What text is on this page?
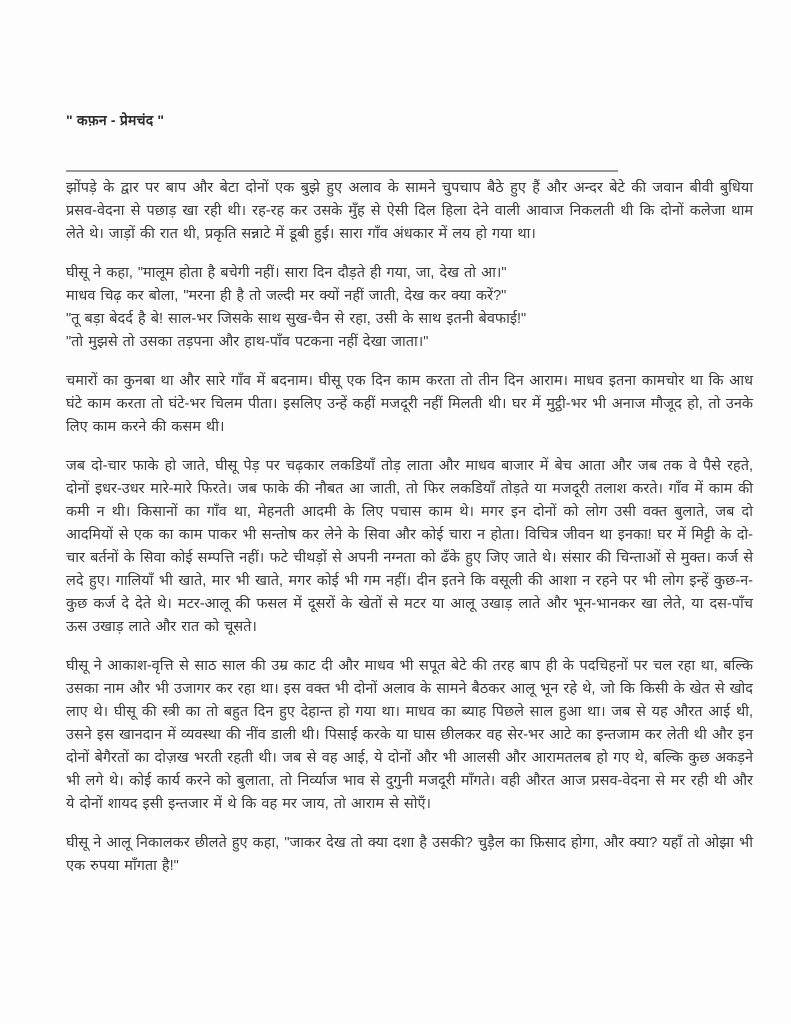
" कफ़न - प्रेमचंद "

झोंपड़े के द्वार पर बाप और बेटा दोनों एक बुझे हुए अलाव के सामने चुपचाप बैठे हुए हैं और अन्दर बेटे की जवान बीवी बुधिया प्रसव-वेदना से पछाड़ खा रही थी। रह-रह कर उसके मुँह से ऐसी दिल हिला देने वाली आवाज निकलती थी कि दोनों कलेजा थाम लेते थे। जाड़ों की रात थी, प्रकृति सन्नाटे में डूबी हुई। सारा गाँव अंधकार में लय हो गया था।

घीसू ने कहा, "मालूम होता है बचेगी नहीं। सारा दिन दौड़ते ही गया, जा, देख तो आ।"
माधव चिढ़ कर बोला, "मरना ही है तो जल्दी मर क्यों नहीं जाती, देख कर क्या करें?"
"तू बड़ा बेदर्द है बे! साल-भर जिसके साथ सुख-चैन से रहा, उसी के साथ इतनी बेवफाई!"
"तो मुझसे तो उसका तड़पना और हाथ-पाँव पटकना नहीं देखा जाता।"

चमारों का कुनबा था और सारे गाँव में बदनाम। घीसू एक दिन काम करता तो तीन दिन आराम। माधव इतना कामचोर था कि आध घंटे काम करता तो घंटे-भर चिलम पीता। इसलिए उन्हें कहीं मजदूरी नहीं मिलती थी। घर में मुट्ठी-भर भी अनाज मौजूद हो, तो उनके लिए काम करने की कसम थी।

जब दो-चार फाके हो जाते, घीसू पेड़ पर चढ़कार लकडियाँ तोड़ लाता और माधव बाजार में बेच आता और जब तक वे पैसे रहते, दोनों इधर-उधर मारे-मारे फिरते। जब फाके की नौबत आ जाती, तो फिर लकडियाँ तोड़ते या मजदूरी तलाश करते। गाँव में काम की कमी न थी। किसानों का गाँव था, मेहनती आदमी के लिए पचास काम थे। मगर इन दोनों को लोग उसी वक्त बुलाते, जब दो आदमियों से एक का काम पाकर भी सन्तोष कर लेने के सिवा और कोई चारा न होता। विचित्र जीवन था इनका! घर में मिट्टी के दो-चार बर्तनों के सिवा कोई सम्पत्ति नहीं। फटे चीथड़ों से अपनी नग्नता को ढँके हुए जिए जाते थे। संसार की चिन्ताओं से मुक्त। कर्ज से लदे हुए। गालियाँ भी खाते, मार भी खाते, मगर कोई भी गम नहीं। दीन इतने कि वसूली की आशा न रहने पर भी लोग इन्हें कुछ-न-कुछ कर्ज दे देते थे। मटर-आलू की फसल में दूसरों के खेतों से मटर या आलू उखाड़ लाते और भून-भानकर खा लेते, या दस-पाँच ऊस उखाड़ लाते और रात को चूसते।

घीसू ने आकाश-वृत्ति से साठ साल की उम्र काट दी और माधव भी सपूत बेटे की तरह बाप ही के पदचिहनों पर चल रहा था, बल्कि उसका नाम और भी उजागर कर रहा था। इस वक्त भी दोनों अलाव के सामने बैठकर आलू भून रहे थे, जो कि किसी के खेत से खोद लाए थे। घीसू की स्त्री का तो बहुत दिन हुए देहान्त हो गया था। माधव का ब्याह पिछले साल हुआ था। जब से यह औरत आई थी, उसने इस खानदान में व्यवस्था की नींव डाली थी। पिसाई करके या घास छीलकर वह सेर-भर आटे का इन्तजाम कर लेती थी और इन दोनों बेगैरतों का दोज़ख भरती रहती थी। जब से वह आई, ये दोनों और भी आलसी और आरामतलब हो गए थे, बल्कि कुछ अकड़ने भी लगे थे। कोई कार्य करने को बुलाता, तो निर्व्याज भाव से दुगुनी मजदूरी माँगते। वही औरत आज प्रसव-वेदना से मर रही थी और ये दोनों शायद इसी इन्तजार में थे कि वह मर जाय, तो आराम से सोएँ।

घीसू ने आलू निकालकर छीलते हुए कहा, "जाकर देख तो क्या दशा है उसकी? चुड़ैल का फ़िसाद होगा, और क्या? यहाँ तो ओझा भी एक रुपया माँगता है!"
